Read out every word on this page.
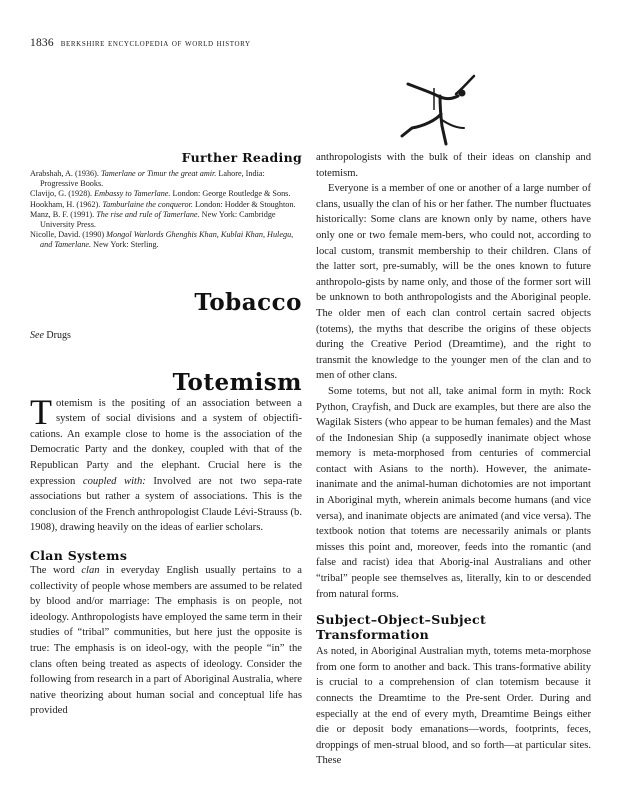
1836 berkshire encyclopedia of world history
Further Reading

Arabshah, A. (1936). Tamerlane or Timur the great amir. Lahore, India: Progressive Books.

Clavijo, G. (1928). Embassy to Tamerlane. London: George Routledge & Sons.

Hookham, H. (1962). Tamburlaine the conqueror. London: Hodder & Stoughton.

Manz, B. F. (1991). The rise and rule of Tamerlane. New York: Cambridge University Press.

Nicolle, David. (1990) Mongol Warlords Ghenghis Khan, Kublai Khan, Hulegu, and Tamerlane. New York: Sterling.

Tobacco
See Drugs
Totemism

Totemism is the positing of an association between a system of social divisions and a system of objectifi-cations. An example close to home is the association of the Democratic Party and the donkey, coupled with that of the Republican Party and the elephant. Crucial here is the expression coupled with: Involved are not two sepa-rate associations but rather a system of associations. This is the conclusion of the French anthropologist Claude Lévi-Strauss (b. 1908), drawing heavily on the ideas of earlier scholars.

Clan Systems

The word clan in everyday English usually pertains to a collectivity of people whose members are assumed to be related by blood and/or marriage: The emphasis is on people, not ideology. Anthropologists have employed the same term in their studies of “tribal” communities, but here just the opposite is true: The emphasis is on ideol-ogy, with the people “in” the clans often being treated as aspects of ideology. Consider the following from research in a part of Aboriginal Australia, where native theorizing about human social and conceptual life has provided

anthropologists with the bulk of their ideas on clanship and totemism.

Everyone is a member of one or another of a large number of clans, usually the clan of his or her father. The number fluctuates historically: Some clans are known only by name, others have only one or two female mem-bers, who could not, according to local custom, transmit membership to their children. Clans of the latter sort, pre-sumably, will be the ones known to future anthropolo-gists by name only, and those of the former sort will be unknown to both anthropologists and the Aboriginal people. The older men of each clan control certain sacred objects (totems), the myths that describe the origins of these objects during the Creative Period (Dreamtime), and the right to transmit the knowledge to the younger men of the clan and to men of other clans.

Some totems, but not all, take animal form in myth: Rock Python, Crayfish, and Duck are examples, but there are also the Wagilak Sisters (who appear to be human females) and the Mast of the Indonesian Ship (a supposedly inanimate object whose memory is meta-morphosed from centuries of commercial contact with Asians to the north). However, the animate-inanimate and the animal-human dichotomies are not important in Aboriginal myth, wherein animals become humans (and vice versa), and inanimate objects are animated (and vice versa). The textbook notion that totems are necessarily animals or plants misses this point and, moreover, feeds into the romantic (and false and racist) idea that Aborig-inal Australians and other “tribal” people see themselves as, literally, kin to or descended from natural forms.

Subject–Object–Subject
Transformation

As noted, in Aboriginal Australian myth, totems meta-morphose from one form to another and back. This trans-formative ability is crucial to a comprehension of clan totemism because it connects the Dreamtime to the Pre-sent Order. During and especially at the end of every myth, Dreamtime Beings either die or deposit body emanations—words, footprints, feces, droppings of men-strual blood, and so forth—at particular sites. These
